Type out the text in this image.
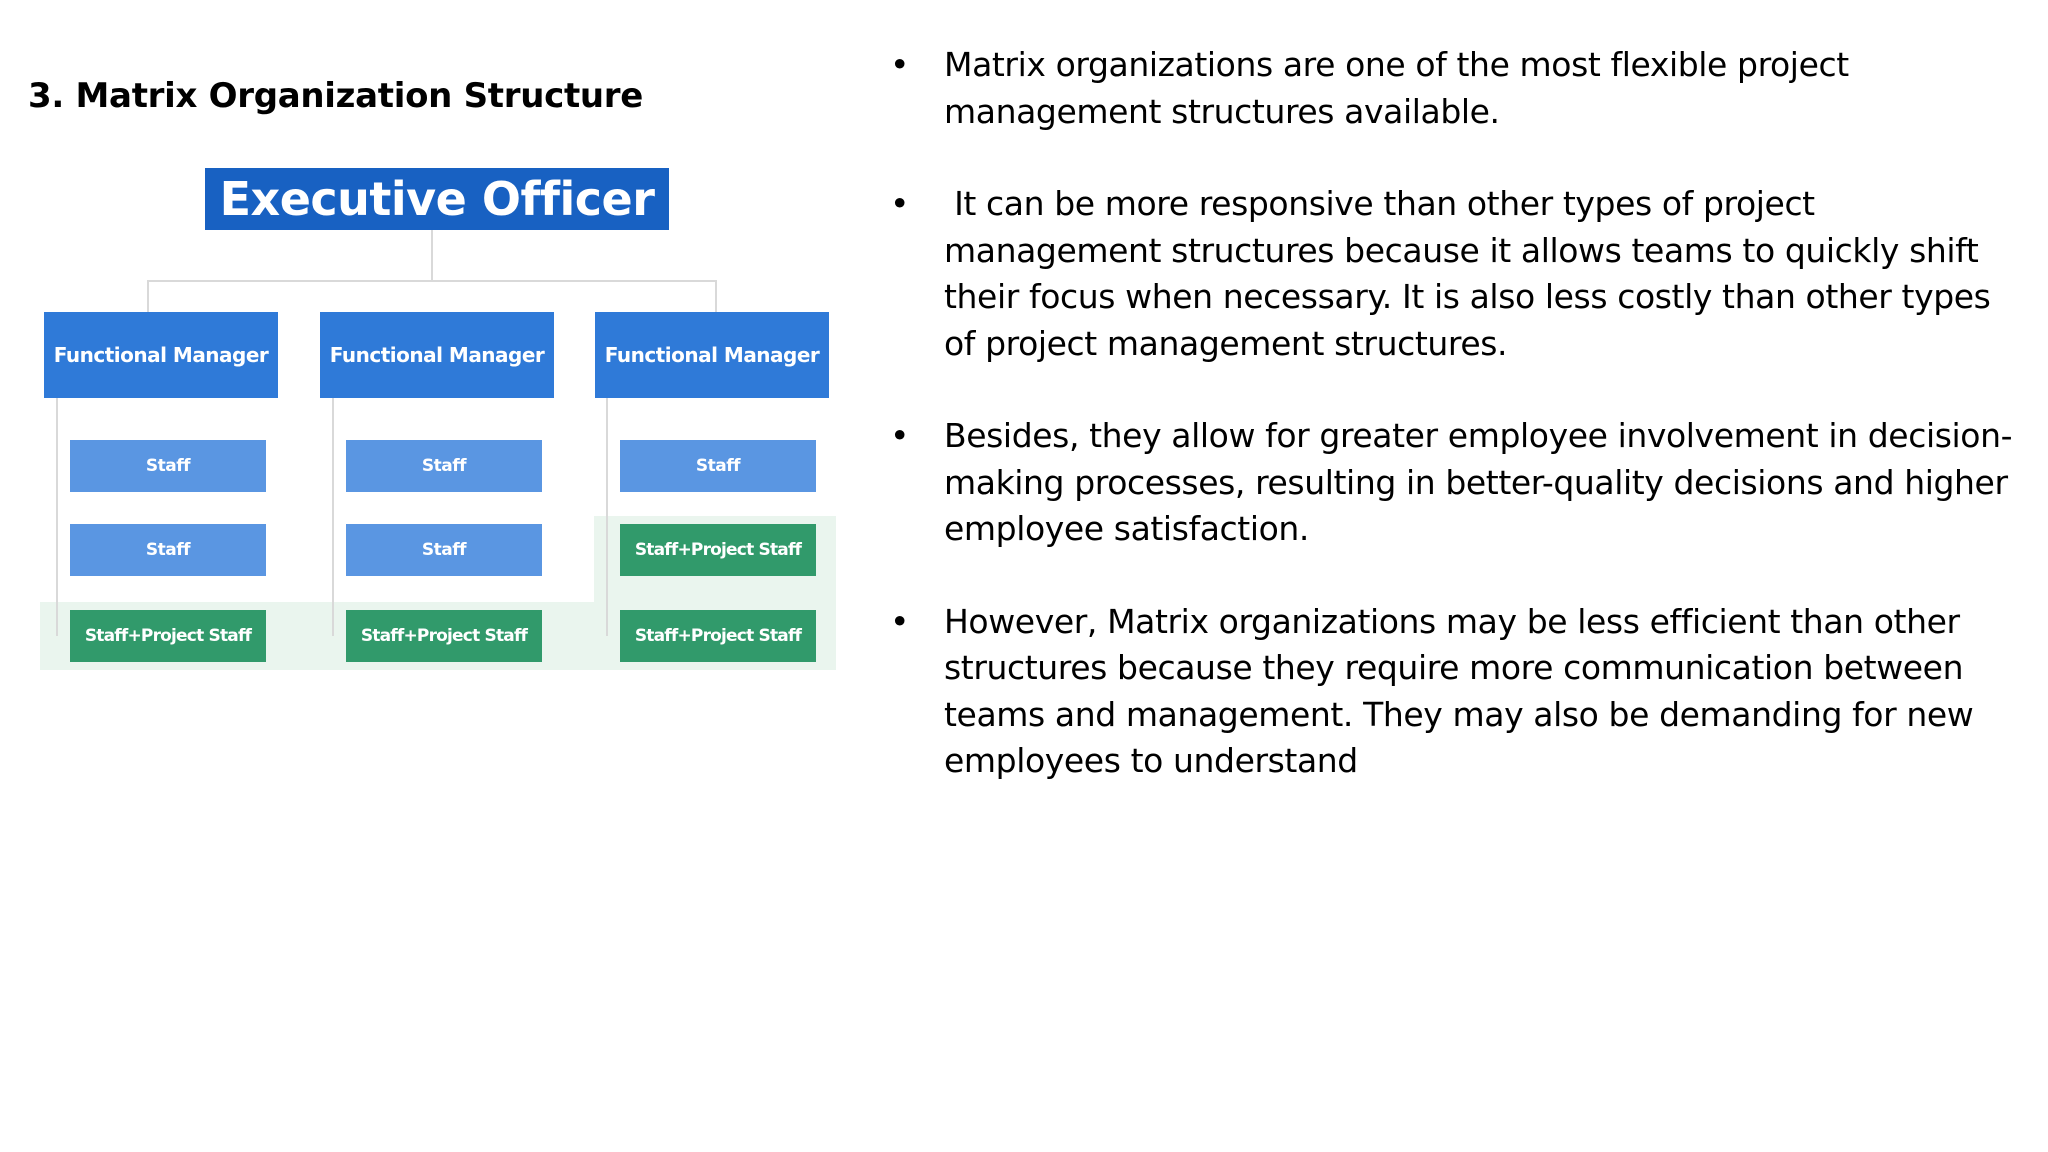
3. Matrix Organization Structure
Executive Officer
Functional Manager
Staff
Staff
Staff+Project Staff
Functional Manager
Staff
Staff
Staff+Project Staff
Functional Manager
Staff
Staff+Project Staff
Staff+Project Staff
• Matrix organizations are one of the most flexible project management structures available.
• It can be more responsive than other types of project management structures because it allows teams to quickly shift their focus when necessary. It is also less costly than other types of project management structures.
• Besides, they allow for greater employee involvement in decision-making processes, resulting in better-quality decisions and higher employee satisfaction.
• However, Matrix organizations may be less efficient than other structures because they require more communication between teams and management. They may also be demanding for new employees to understand
